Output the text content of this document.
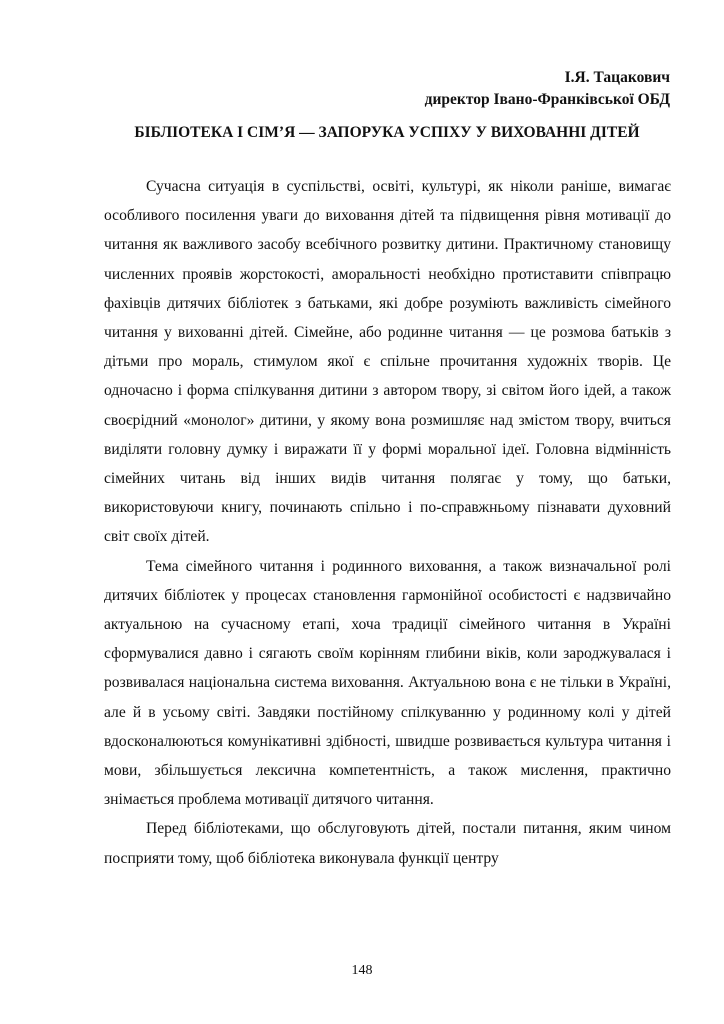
І.Я. Тацакович
директор Івано-Франківської ОБД
БІБЛІОТЕКА І СІМ’Я — ЗАПОРУКА УСПІХУ У ВИХОВАННІ ДІТЕЙ

Сучасна ситуація в суспільстві, освіті, культурі, як ніколи раніше, вимагає особливого посилення уваги до виховання дітей та підвищення рівня мотивації до читання як важливого засобу всебічного розвитку дитини. Практичному становищу численних проявів жорстокості, аморальності необхідно протиставити співпрацю фахівців дитячих бібліотек з батьками, які добре розуміють важливість сімейного читання у вихованні дітей. Сімейне, або родинне читання — це розмова батьків з дітьми про мораль, стимулом якої є спільне прочитання художніх творів. Це одночасно і форма спілкування дитини з автором твору, зі світом його ідей, а також своєрідний «монолог» дитини, у якому вона розмишляє над змістом твору, вчиться виділяти головну думку і виражати її у формі моральної ідеї. Головна відмінність сімейних читань від інших видів читання полягає у тому, що батьки, використовуючи книгу, починають спільно і по-справжньому пізнавати духовний світ своїх дітей.

Тема сімейного читання і родинного виховання, а також визначальної ролі дитячих бібліотек у процесах становлення гармонійної особистості є надзвичайно актуальною на сучасному етапі, хоча традиції сімейного читання в Україні сформувалися давно і сягають своїм корінням глибини віків, коли зароджувалася і розвивалася національна система виховання. Актуальною вона є не тільки в Україні, але й в усьому світі. Завдяки постійному спілкуванню у родинному колі у дітей вдосконалюються комунікативні здібності, швидше розвивається культура читання і мови, збільшується лексична компетентність, а також мислення, практично знімається проблема мотивації дитячого читання.

Перед бібліотеками, що обслуговують дітей, постали питання, яким чином посприяти тому, щоб бібліотека виконувала функції центру

148
